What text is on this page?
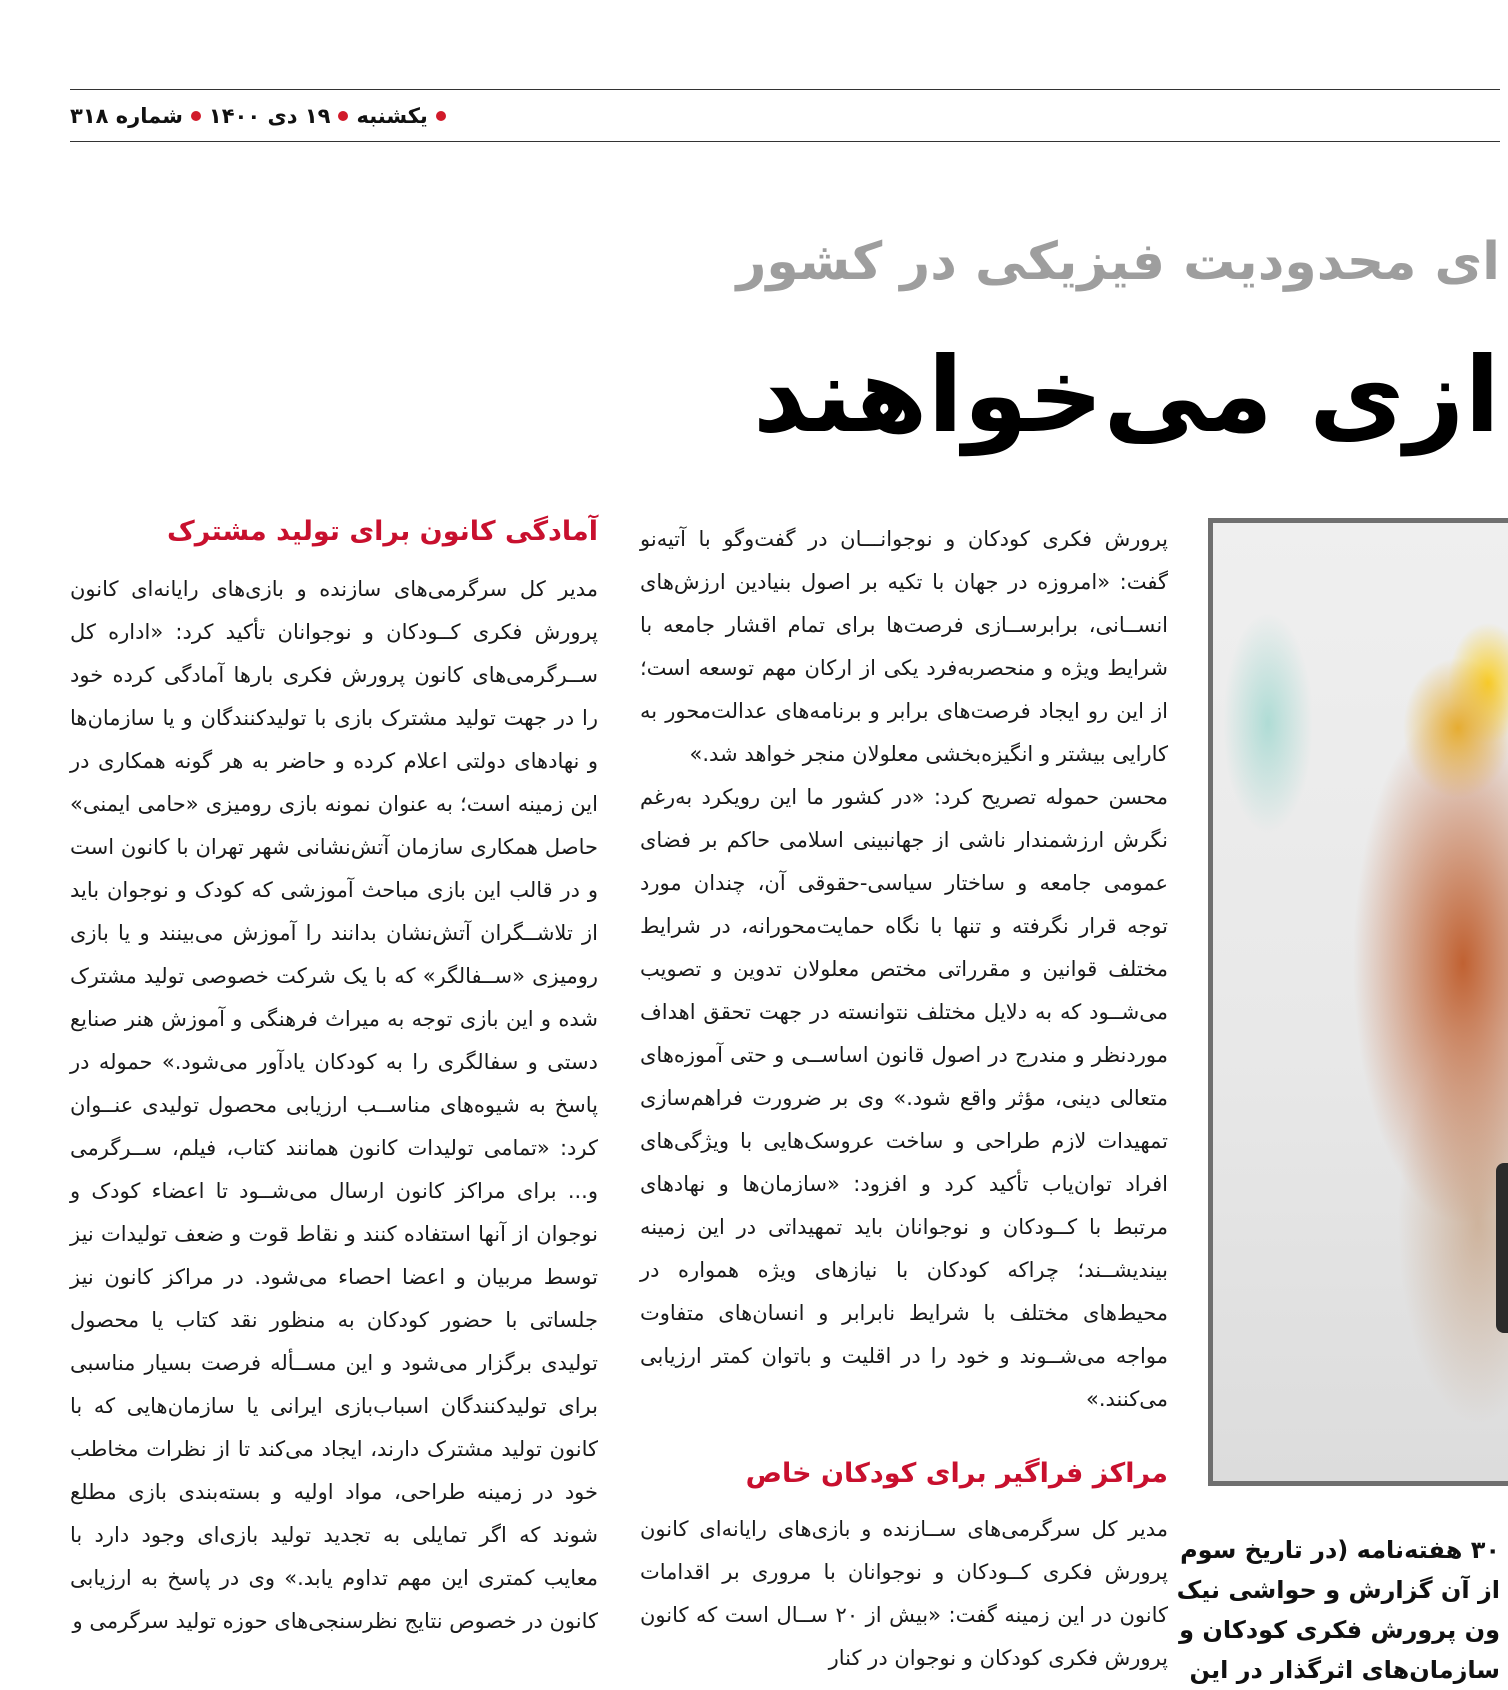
یکشنبه
۱۹ دی ۱۴۰۰
شماره ۳۱۸
ای محدودیت فیزیکی در کشور
ازی می‌خواهند

پرورش فکری کودکان و نوجوانـــان در گفت‌وگو با آتیه‌نو گفت: «امروزه در جهان با تکیه بر اصول بنیادین ارزش‌های انســانی، برابرســازی فرصت‌ها برای تمام اقشار جامعه با شرایط ویژه و منحصربه‌فرد یکی از ارکان مهم توسعه است؛ از این رو ایجاد فرصت‌های برابر و برنامه‌های عدالت‌محور به کارایی بیشتر و انگیزه‌بخشی معلولان منجر خواهد شد.»

محسن حموله تصریح کرد: «در کشور ما این رویکرد به‌رغم نگرش ارزشمندار ناشی از جهانبینی اسلامی حاکم بر فضای عمومی جامعه و ساختار سیاسی-حقوقی آن، چندان مورد توجه قرار نگرفته و تنها با نگاه حمایت‌محورانه، در شرایط مختلف قوانین و مقرراتی مختص معلولان تدوین و تصویب می‌شــود که به دلایل مختلف نتوانسته در جهت تحقق اهداف موردنظر و مندرج در اصول قانون اساســی و حتی آموزه‌های متعالی دینی، مؤثر واقع شود.» وی بر ضرورت فراهم‌سازی تمهیدات لازم طراحی و ساخت عروسک‌هایی با ویژگی‌های افراد توان‌یاب تأکید کرد و افزود: «سازمان‌ها و نهادهای مرتبط با کــودکان و نوجوانان باید تمهیداتی در این زمینه بیندیشــند؛ چراکه کودکان با نیازهای ویژه همواره در محیط‌های مختلف با شرایط نابرابر و انسان‌های متفاوت مواجه می‌شــوند و خود را در اقلیت و باتوان کمتر ارزیابی می‌کنند.»

مراکز فراگیر برای کودکان خاص

مدیر کل سرگرمی‌های ســازنده و بازی‌های رایانه‌ای کانون پرورش فکری کــودکان و نوجوانان با مروری بر اقدامات کانون در این زمینه گفت: «بیش از ۲۰ ســال است که کانون پرورش فکری کودکان و نوجوان در کنار

آمادگی کانون برای تولید مشترک

مدیر کل سرگرمی‌های سازنده و بازی‌های رایانه‌ای کانون پرورش فکری کــودکان و نوجوانان تأکید کرد: «اداره کل ســرگرمی‌های کانون پرورش فکری بارها آمادگی کرده خود را در جهت تولید مشترک بازی با تولیدکنندگان و یا سازمان‌ها و نهادهای دولتی اعلام کرده و حاضر به هر گونه همکاری در این زمینه است؛ به عنوان نمونه بازی رومیزی «حامی ایمنی» حاصل همکاری سازمان آتش‌نشانی شهر تهران با کانون است و در قالب این بازی مباحث آموزشی که کودک و نوجوان باید از تلاشــگران آتش‌نشان بدانند را آموزش می‌بینند و یا بازی رومیزی «ســفالگر» که با یک شرکت خصوصی تولید مشترک شده و این بازی توجه به میراث فرهنگی و آموزش هنر صنایع دستی و سفالگری را به کودکان یادآور می‌شود.» حموله در پاسخ به شیوه‌های مناســب ارزیابی محصول تولیدی عنــوان کرد: «تمامی تولیدات کانون همانند کتاب، فیلم، ســرگرمی و... برای مراکز کانون ارسال می‌شــود تا اعضاء کودک و نوجوان از آنها استفاده کنند و نقاط قوت و ضعف تولیدات نیز توسط مربیان و اعضا احصاء می‌شود. در مراکز کانون نیز جلساتی با حضور کودکان به منظور نقد کتاب یا محصول تولیدی برگزار می‌شود و این مســأله فرصت بسیار مناسبی برای تولیدکنندگان اسباب‌بازی ایرانی یا سازمان‌هایی که با کانون تولید مشترک دارند، ایجاد می‌کند تا از نظرات مخاطب خود در زمینه طراحی، مواد اولیه و بسته‌بندی بازی مطلع شوند که اگر تمایلی به تجدید تولید بازی‌ای وجود دارد با معایب کمتری این مهم تداوم یابد.» وی در پاسخ به ارزیابی کانون در خصوص نتایج نظرسنجی‌های حوزه تولید سرگرمی و

۳۰ هفته‌نامه (در تاریخ سوم
از آن گزارش و حواشی نیک
ون پرورش فکری کودکان و
سازمان‌های اثرگذار در این
